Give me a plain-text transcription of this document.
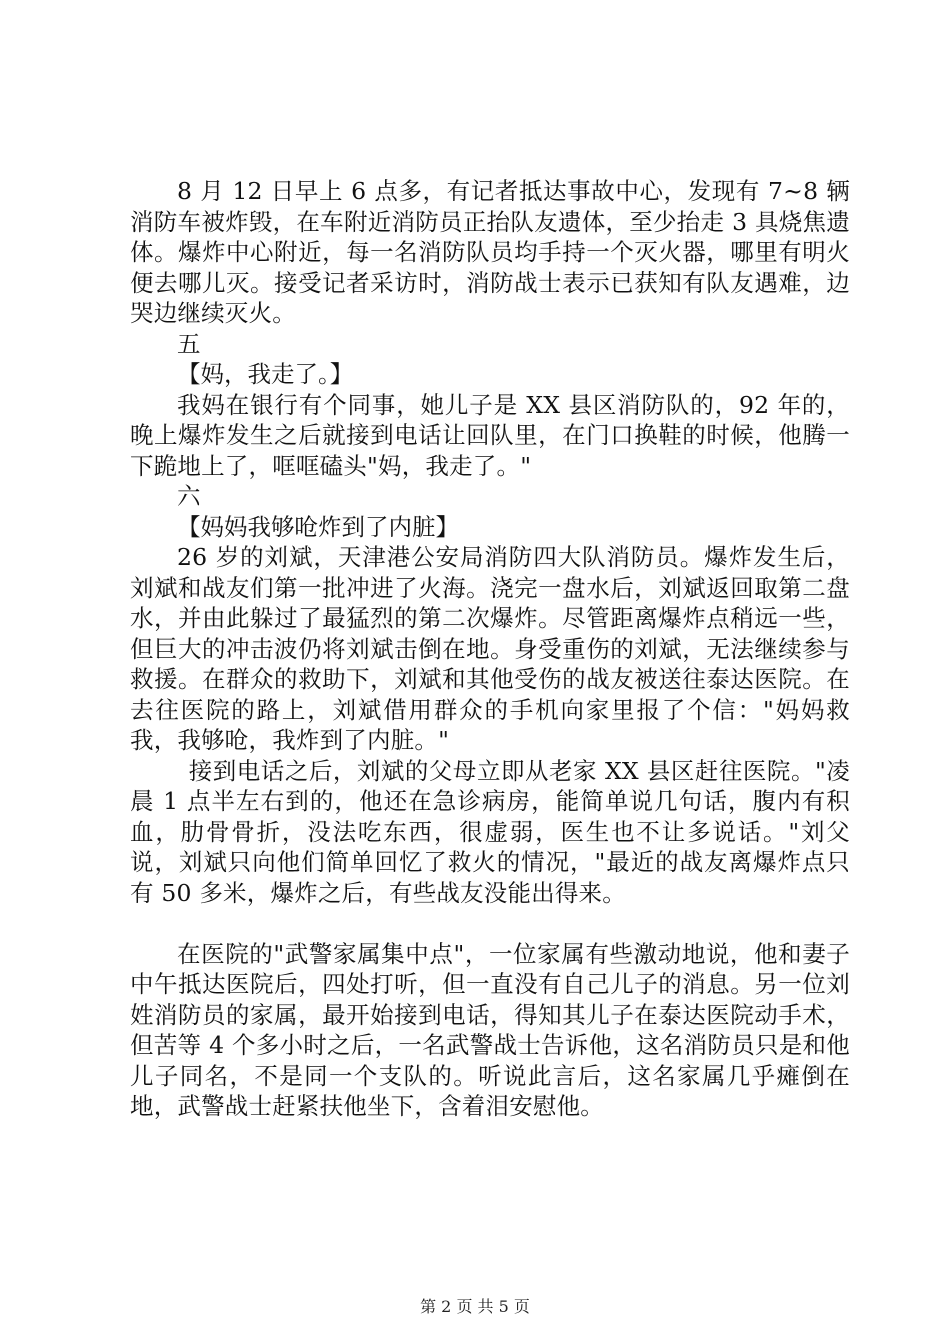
8 月 12 日早上 6 点多，有记者抵达事故中心，发现有 7~8 辆消防车被炸毁，在车附近消防员正抬队友遗体，至少抬走 3 具烧焦遗体。爆炸中心附近，每一名消防队员均手持一个灭火器，哪里有明火便去哪儿灭。接受记者采访时，消防战士表示已获知有队友遇难，边哭边继续灭火。

五

【妈，我走了。】

我妈在银行有个同事，她儿子是 XX 县区消防队的，92 年的，晚上爆炸发生之后就接到电话让回队里，在门口换鞋的时候，他腾一下跪地上了，哐哐磕头"妈，我走了。"

六

【妈妈我够呛炸到了内脏】

26 岁的刘斌，天津港公安局消防四大队消防员。爆炸发生后，刘斌和战友们第一批冲进了火海。浇完一盘水后，刘斌返回取第二盘水，并由此躲过了最猛烈的第二次爆炸。尽管距离爆炸点稍远一些，但巨大的冲击波仍将刘斌击倒在地。身受重伤的刘斌，无法继续参与救援。在群众的救助下，刘斌和其他受伤的战友被送往泰达医院。在去往医院的路上，刘斌借用群众的手机向家里报了个信："妈妈救我，我够呛，我炸到了内脏。"

接到电话之后，刘斌的父母立即从老家 XX 县区赶往医院。"凌晨 1 点半左右到的，他还在急诊病房，能简单说几句话，腹内有积血，肋骨骨折，没法吃东西，很虚弱，医生也不让多说话。"刘父说，刘斌只向他们简单回忆了救火的情况，"最近的战友离爆炸点只有 50 多米，爆炸之后，有些战友没能出得来。

在医院的"武警家属集中点"，一位家属有些激动地说，他和妻子中午抵达医院后，四处打听，但一直没有自己儿子的消息。另一位刘姓消防员的家属，最开始接到电话，得知其儿子在泰达医院动手术，但苦等 4 个多小时之后，一名武警战士告诉他，这名消防员只是和他儿子同名，不是同一个支队的。听说此言后，这名家属几乎瘫倒在地，武警战士赶紧扶他坐下，含着泪安慰他。

第 2 页 共 5 页
